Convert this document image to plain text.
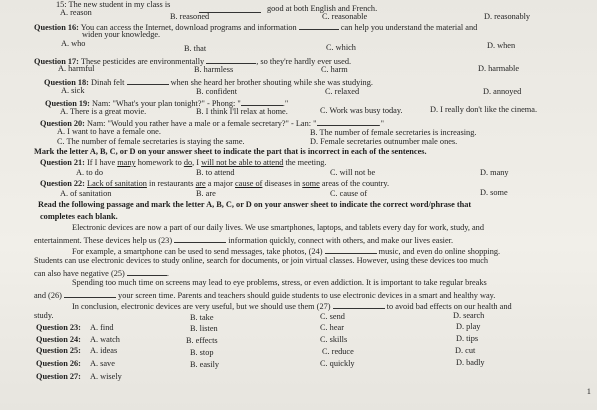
15: The new student in my class is
A. reason	good at both English and French.
B. reasoned	C. reasonable	D. reasonably
Question 16: You can access the Internet, download programs and information	can help you understand the material and
widen your knowledge.
A. who
B. that	C. which	D. when
Question 17: These pesticides are environmentally	, so they're hardly ever used.
A. harmful	B. harmless	C. harm	D. harmable
Question 18: Dinah felt	when she heard her brother shouting while she was studying.
A. sick	B. confident	C. relaxed	D. annoyed
Question 19: Nam: "What's your plan tonight?" - Phong: "	."
A. There is a great movie.	B. I think I'll relax at home.	C. Work was busy today.	D. I really don't like the cinema.
Question 20: Nam: "Would you rather have a male or a female secretary?" - Lan: "	."
A. I want to have a female one.	B. The number of female secretaries is increasing.
C. The number of female secretaries is staying the same.	D. Female secretaries outnumber male ones.
Mark the letter A, B, C, or D on your answer sheet to indicate the part that is incorrect in each of the sentences.
Question 21: If I have many homework to do, I will not be able to attend the meeting.
A. to do	B. to attend	C. will not be	D. many
Question 22: Lack of sanitation in restaurants are a major cause of diseases in some areas of the country.
A. of sanitation	B. are	C. cause of	D. some
Read the following passage and mark the letter A, B, C, or D on your answer sheet to indicate the correct word/phrase that
completes each blank.
Electronic devices are now a part of our daily lives. We use smartphones, laptops, and tablets every day for work, study, and
entertainment. These devices help us (23)	information quickly, connect with others, and make our lives easier.
For example, a smartphone can be used to send messages, take photos, (24)	music, and even do online shopping.
Students can use electronic devices to study online, search for documents, or join virtual classes. However, using these devices too much
can also have negative (25)	.
Spending too much time on screens may lead to eye problems, stress, or even addiction. It is important to take regular breaks
and (26)	your screen time. Parents and teachers should guide students to use electronic devices in a smart and healthy way.
In conclusion, electronic devices are very useful, but we should use them (27)	to avoid bad effects on our health and
study.
Question 23: A. find
B. take	C. send	D. search
Question 24: A. watch
B. listen	C. hear	D. play
Question 25: A. ideas
B. effects	C. skills	D. tips
Question 26: A. save
B. stop	C. reduce	D. cut
Question 27: A. wisely
B. easily	C. quickly	D. badly
1
